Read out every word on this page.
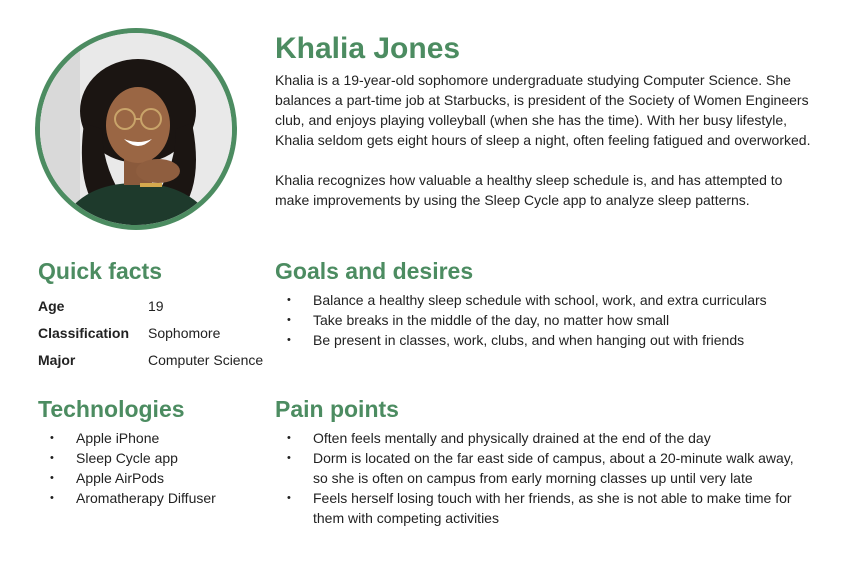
Khalia Jones

Khalia is a 19-year-old sophomore undergraduate studying Computer Science. She balances a part-time job at Starbucks, is president of the Society of Women Engineers club, and enjoys playing volleyball (when she has the time). With her busy lifestyle, Khalia seldom gets eight hours of sleep a night, often feeling fatigued and overworked.

Khalia recognizes how valuable a healthy sleep schedule is, and has attempted to make improvements by using the Sleep Cycle app to analyze sleep patterns.

Quick facts
Age	19
Classification	Sophomore
Major	Computer Science
Goals and desires
• Balance a healthy sleep schedule with school, work, and extra curriculars
• Take breaks in the middle of the day, no matter how small
• Be present in classes, work, clubs, and when hanging out with friends
Technologies
• Apple iPhone
• Sleep Cycle app
• Apple AirPods
• Aromatherapy Diffuser
Pain points
• Often feels mentally and physically drained at the end of the day
• Dorm is located on the far east side of campus, about a 20-minute walk away, so she is often on campus from early morning classes up until very late
• Feels herself losing touch with her friends, as she is not able to make time for them with competing activities
